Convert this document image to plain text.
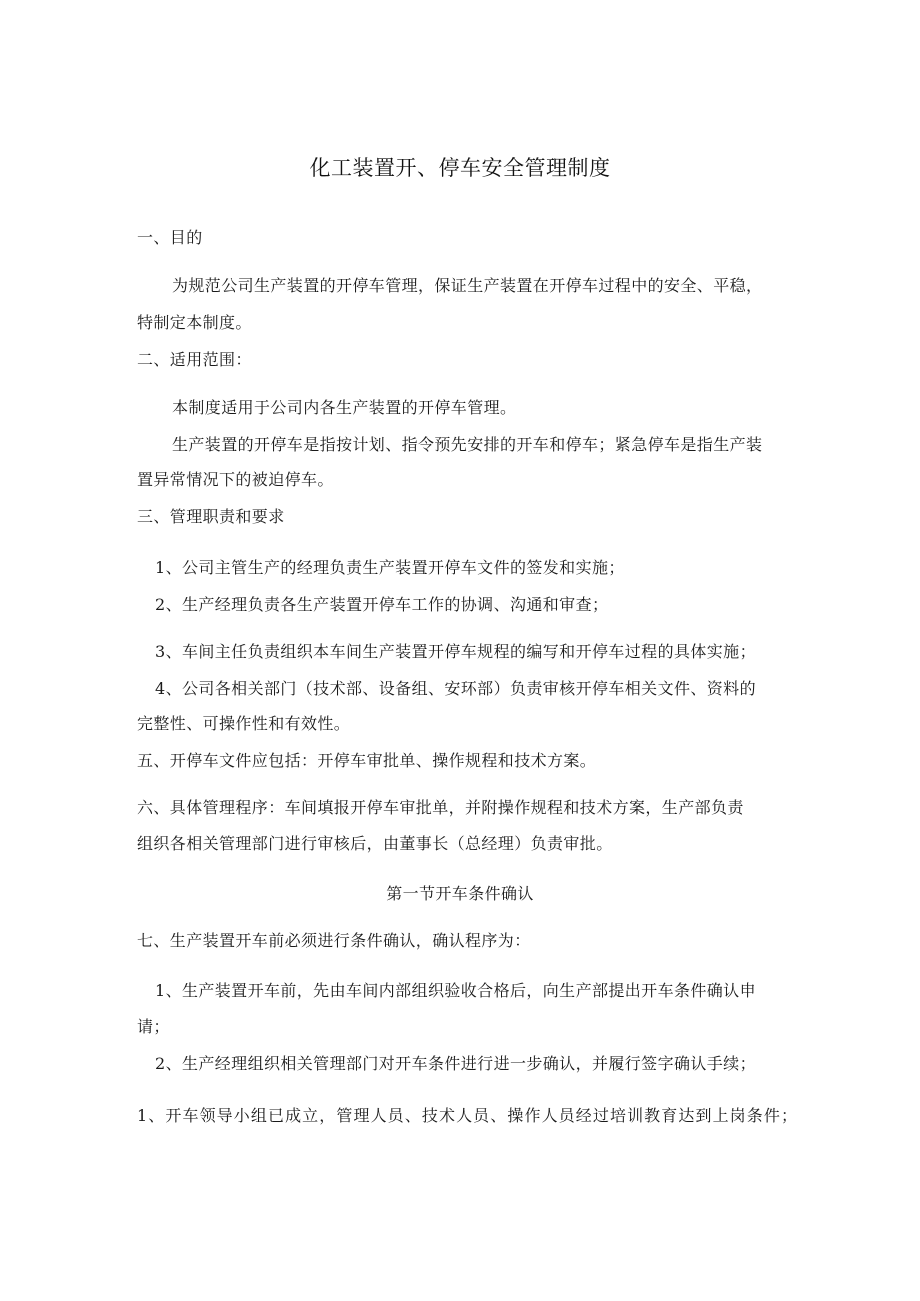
化工装置开、停车安全管理制度
一、目的
为规范公司生产装置的开停车管理，保证生产装置在开停车过程中的安全、平稳，
特制定本制度。
二、适用范围：
本制度适用于公司内各生产装置的开停车管理。
生产装置的开停车是指按计划、指令预先安排的开车和停车；紧急停车是指生产装
置异常情况下的被迫停车。
三、管理职责和要求
1、公司主管生产的经理负责生产装置开停车文件的签发和实施；
2、生产经理负责各生产装置开停车工作的协调、沟通和审查；
3、车间主任负责组织本车间生产装置开停车规程的编写和开停车过程的具体实施；
4、公司各相关部门（技术部、设备组、安环部）负责审核开停车相关文件、资料的
完整性、可操作性和有效性。
五、开停车文件应包括：开停车审批单、操作规程和技术方案。
六、具体管理程序：车间填报开停车审批单，并附操作规程和技术方案，生产部负责
组织各相关管理部门进行审核后，由董事长（总经理）负责审批。
第一节开车条件确认
七、生产装置开车前必须进行条件确认，确认程序为：
1、生产装置开车前，先由车间内部组织验收合格后，向生产部提出开车条件确认申
请；
2、生产经理组织相关管理部门对开车条件进行进一步确认，并履行签字确认手续；
1、开车领导小组已成立，管理人员、技术人员、操作人员经过培训教育达到上岗条件；
